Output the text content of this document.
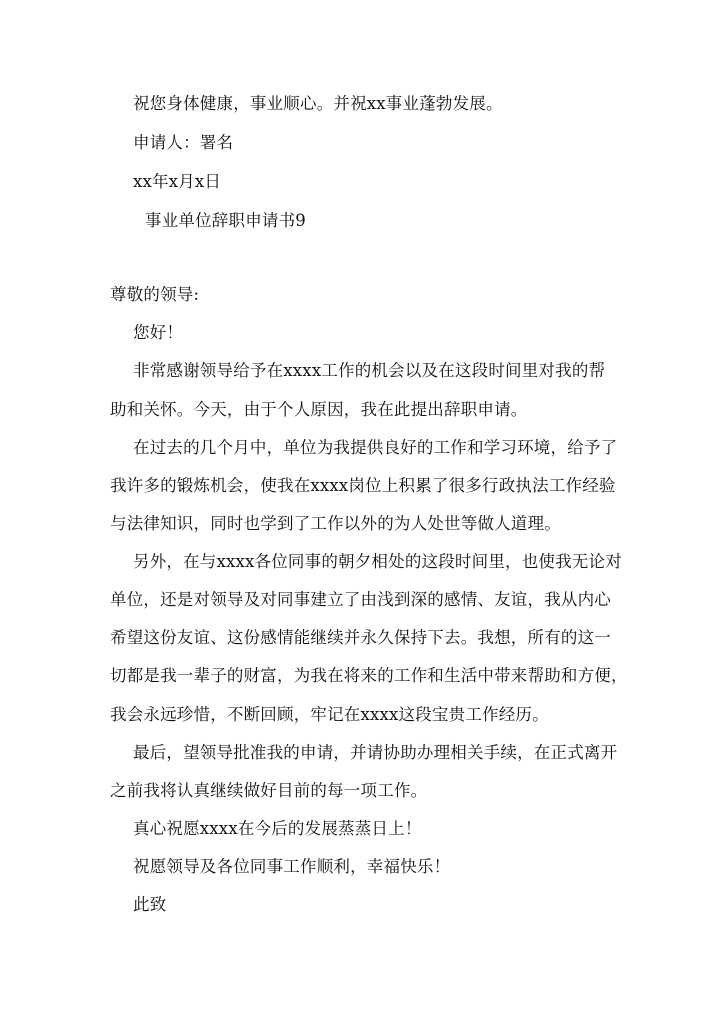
祝您身体健康，事业顺心。并祝xx事业蓬勃发展。
申请人：署名
xx年x月x日
事业单位辞职申请书9
尊敬的领导:
您好！
非常感谢领导给予在xxxx工作的机会以及在这段时间里对我的帮
助和关怀。今天，由于个人原因，我在此提出辞职申请。
在过去的几个月中，单位为我提供良好的工作和学习环境，给予了
我许多的锻炼机会，使我在xxxx岗位上积累了很多行政执法工作经验
与法律知识，同时也学到了工作以外的为人处世等做人道理。
另外，在与xxxx各位同事的朝夕相处的这段时间里，也使我无论对
单位，还是对领导及对同事建立了由浅到深的感情、友谊，我从内心
希望这份友谊、这份感情能继续并永久保持下去。我想，所有的这一
切都是我一辈子的财富，为我在将来的工作和生活中带来帮助和方便，
我会永远珍惜，不断回顾，牢记在xxxx这段宝贵工作经历。
最后，望领导批准我的申请，并请协助办理相关手续，在正式离开
之前我将认真继续做好目前的每一项工作。
真心祝愿xxxx在今后的发展蒸蒸日上！
祝愿领导及各位同事工作顺利，幸福快乐！
此致
